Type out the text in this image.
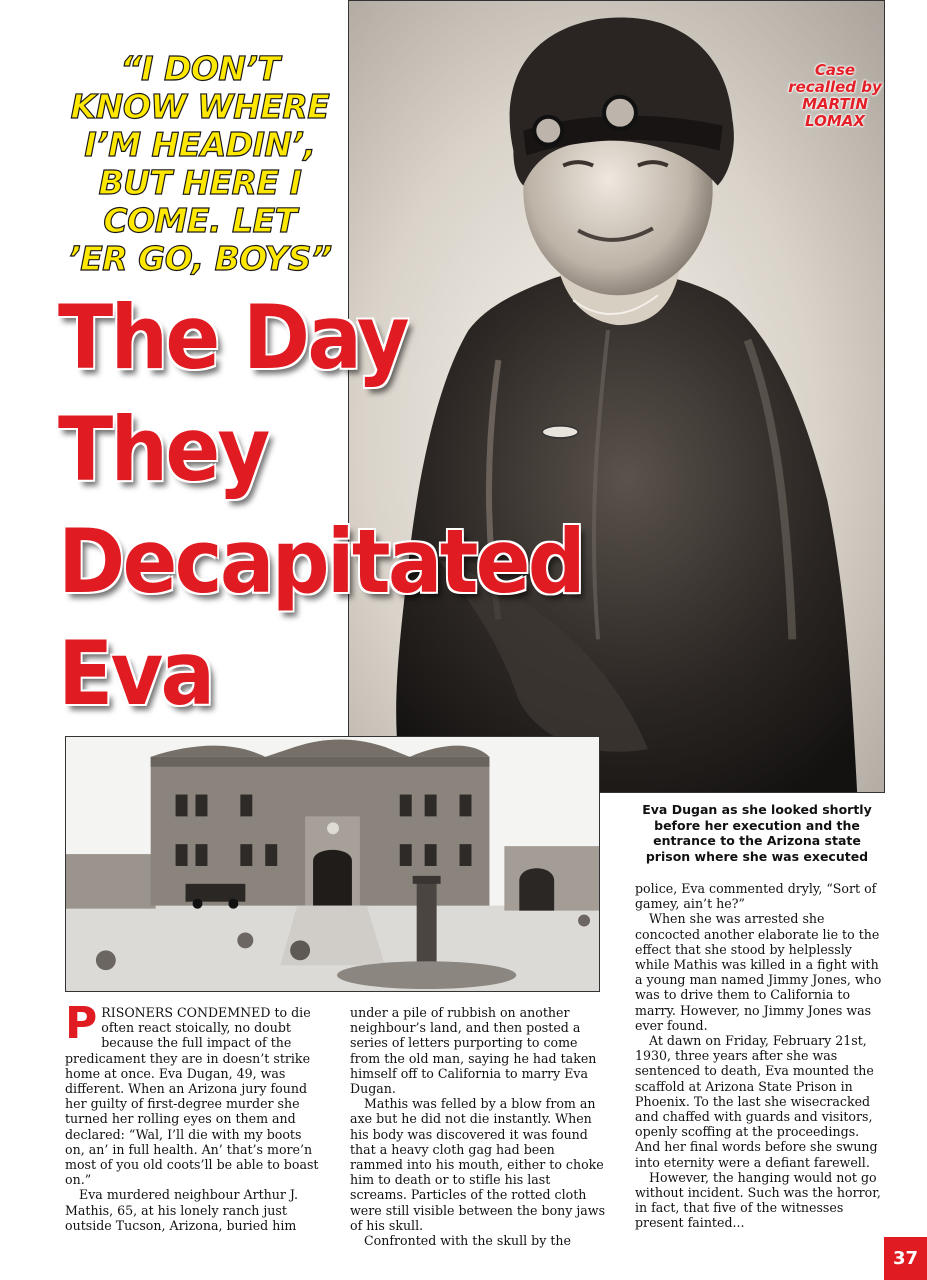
“I DON’T
KNOW WHERE
I’M HEADIN’,
BUT HERE I
COME. LET
’ER GO, BOYS”
Case
recalled by
MARTIN
LOMAX
The Day
They
Decapitated
Eva
Eva Dugan as she looked shortly before her execution and the entrance to the Arizona state prison where she was executed

PRISONERS CONDEMNED to die often react stoically, no doubt because the full impact of the predicament they are in doesn’t strike home at once. Eva Dugan, 49, was different. When an Arizona jury found her guilty of first-degree murder she turned her rolling eyes on them and declared: “Wal, I’ll die with my boots on, an’ in full health. An’ that’s more’n most of you old coots’ll be able to boast on.”

Eva murdered neighbour Arthur J. Mathis, 65, at his lonely ranch just outside Tucson, Arizona, buried him

under a pile of rubbish on another neighbour’s land, and then posted a series of letters purporting to come from the old man, saying he had taken himself off to California to marry Eva Dugan.

Mathis was felled by a blow from an axe but he did not die instantly. When his body was discovered it was found that a heavy cloth gag had been rammed into his mouth, either to choke him to death or to stifle his last screams. Particles of the rotted cloth were still visible between the bony jaws of his skull.

Confronted with the skull by the

police, Eva commented dryly, “Sort of gamey, ain’t he?”

When she was arrested she concocted another elaborate lie to the effect that she stood by helplessly while Mathis was killed in a fight with a young man named Jimmy Jones, who was to drive them to California to marry. However, no Jimmy Jones was ever found.

At dawn on Friday, February 21st, 1930, three years after she was sentenced to death, Eva mounted the scaffold at Arizona State Prison in Phoenix. To the last she wisecracked and chaffed with guards and visitors, openly scoffing at the proceedings. And her final words before she swung into eternity were a defiant farewell.

However, the hanging would not go without incident. Such was the horror, in fact, that five of the witnesses present fainted...

37
